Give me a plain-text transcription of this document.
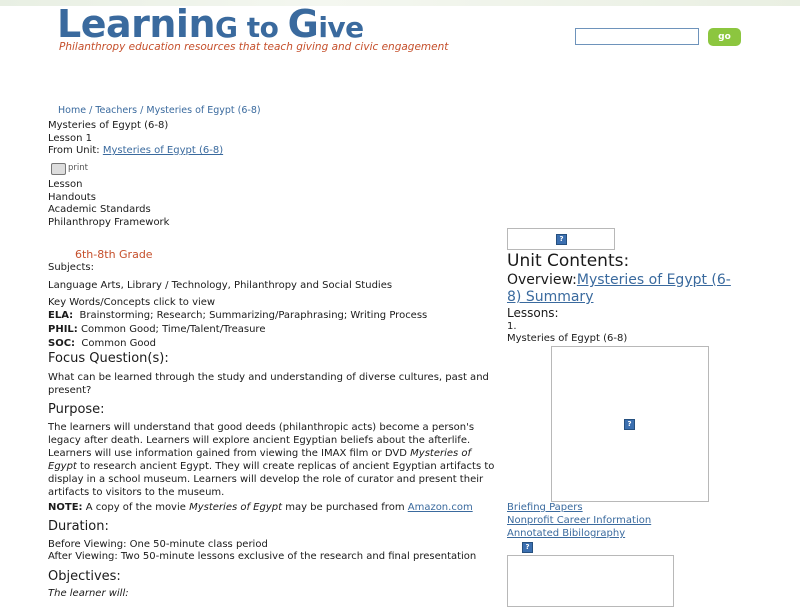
LearninG to Give
Philanthropy education resources that teach giving and civic engagement
go
Home / Teachers / Mysteries of Egypt (6-8)
Mysteries of Egypt (6-8)
Lesson 1
From Unit: Mysteries of Egypt (6-8)
print
Lesson
Handouts
Academic Standards
Philanthropy Framework
6th-8th Grade
Subjects:
Language Arts, Library / Technology, Philanthropy and Social Studies
Key Words/Concepts click to view
ELA: Brainstorming; Research; Summarizing/Paraphrasing; Writing Process
PHIL: Common Good; Time/Talent/Treasure
SOC: Common Good
Focus Question(s):
What can be learned through the study and understanding of diverse cultures, past and
present?
Purpose:
The learners will understand that good deeds (philanthropic acts) become a person's
legacy after death. Learners will explore ancient Egyptian beliefs about the afterlife.
Learners will use information gained from viewing the IMAX film or DVD Mysteries of
Egypt to research ancient Egypt. They will create replicas of ancient Egyptian artifacts to
display in a school museum. Learners will develop the role of curator and present their
artifacts to visitors to the museum.
NOTE: A copy of the movie Mysteries of Egypt may be purchased from Amazon.com
Duration:
Before Viewing: One 50-minute class period
After Viewing: Two 50-minute lessons exclusive of the research and final presentation
Objectives:
The learner will:
?
Unit Contents:
Overview:Mysteries of Egypt (6-
8) Summary
Lessons:
1.
Mysteries of Egypt (6-8)
?
Briefing Papers
Nonprofit Career Information
Annotated Bibilography
?
